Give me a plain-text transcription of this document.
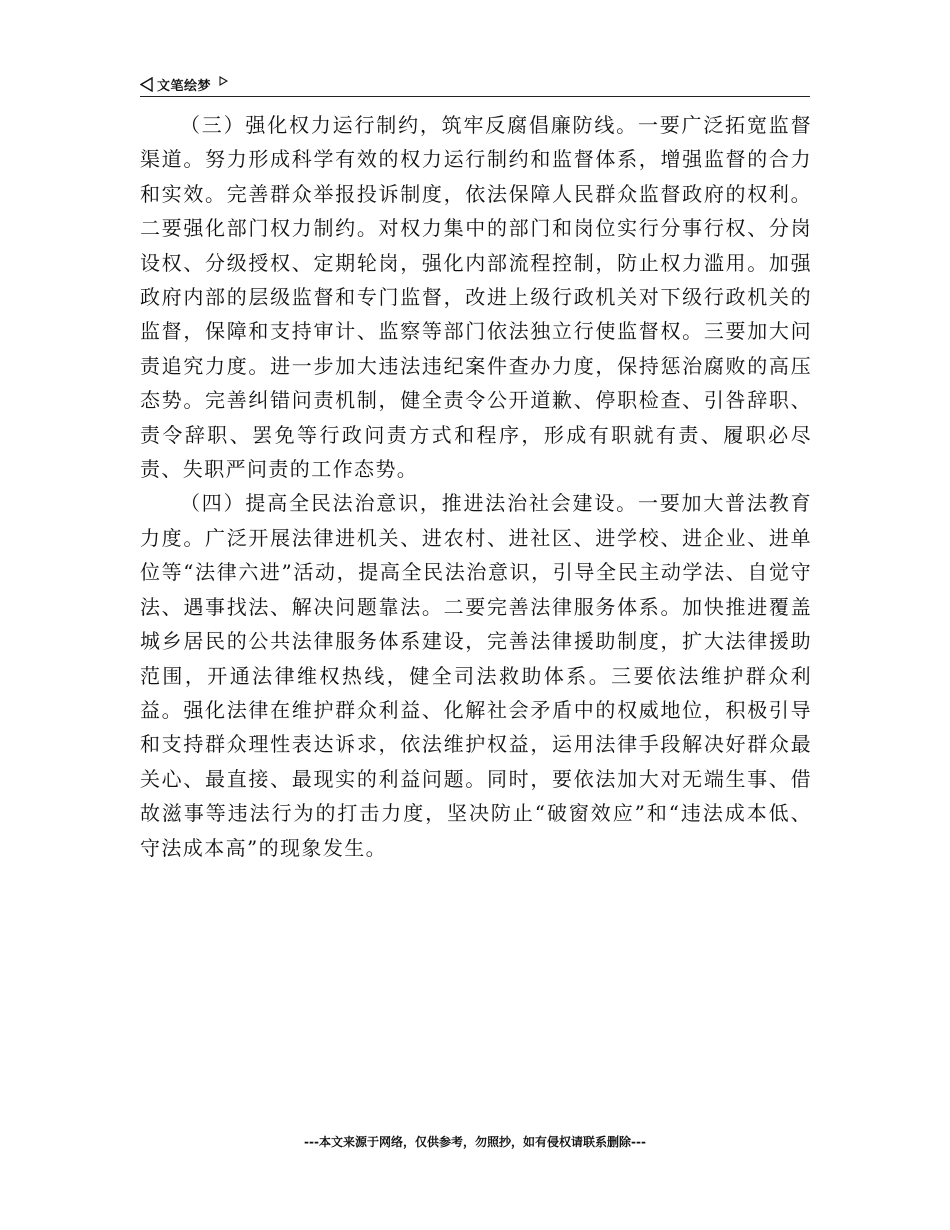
文笔绘梦

（三）强化权力运行制约，筑牢反腐倡廉防线。一要广泛拓宽监督渠道。努力形成科学有效的权力运行制约和监督体系，增强监督的合力和实效。完善群众举报投诉制度，依法保障人民群众监督政府的权利。二要强化部门权力制约。对权力集中的部门和岗位实行分事行权、分岗设权、分级授权、定期轮岗，强化内部流程控制，防止权力滥用。加强政府内部的层级监督和专门监督，改进上级行政机关对下级行政机关的监督，保障和支持审计、监察等部门依法独立行使监督权。三要加大问责追究力度。进一步加大违法违纪案件查办力度，保持惩治腐败的高压态势。完善纠错问责机制，健全责令公开道歉、停职检查、引咎辞职、责令辞职、罢免等行政问责方式和程序，形成有职就有责、履职必尽责、失职严问责的工作态势。

（四）提高全民法治意识，推进法治社会建设。一要加大普法教育力度。广泛开展法律进机关、进农村、进社区、进学校、进企业、进单位等“法律六进”活动，提高全民法治意识，引导全民主动学法、自觉守法、遇事找法、解决问题靠法。二要完善法律服务体系。加快推进覆盖城乡居民的公共法律服务体系建设，完善法律援助制度，扩大法律援助范围，开通法律维权热线，健全司法救助体系。三要依法维护群众利益。强化法律在维护群众利益、化解社会矛盾中的权威地位，积极引导和支持群众理性表达诉求，依法维护权益，运用法律手段解决好群众最关心、最直接、最现实的利益问题。同时，要依法加大对无端生事、借故滋事等违法行为的打击力度，坚决防止“破窗效应”和“违法成本低、守法成本高”的现象发生。

---本文来源于网络，仅供参考，勿照抄，如有侵权请联系删除---
